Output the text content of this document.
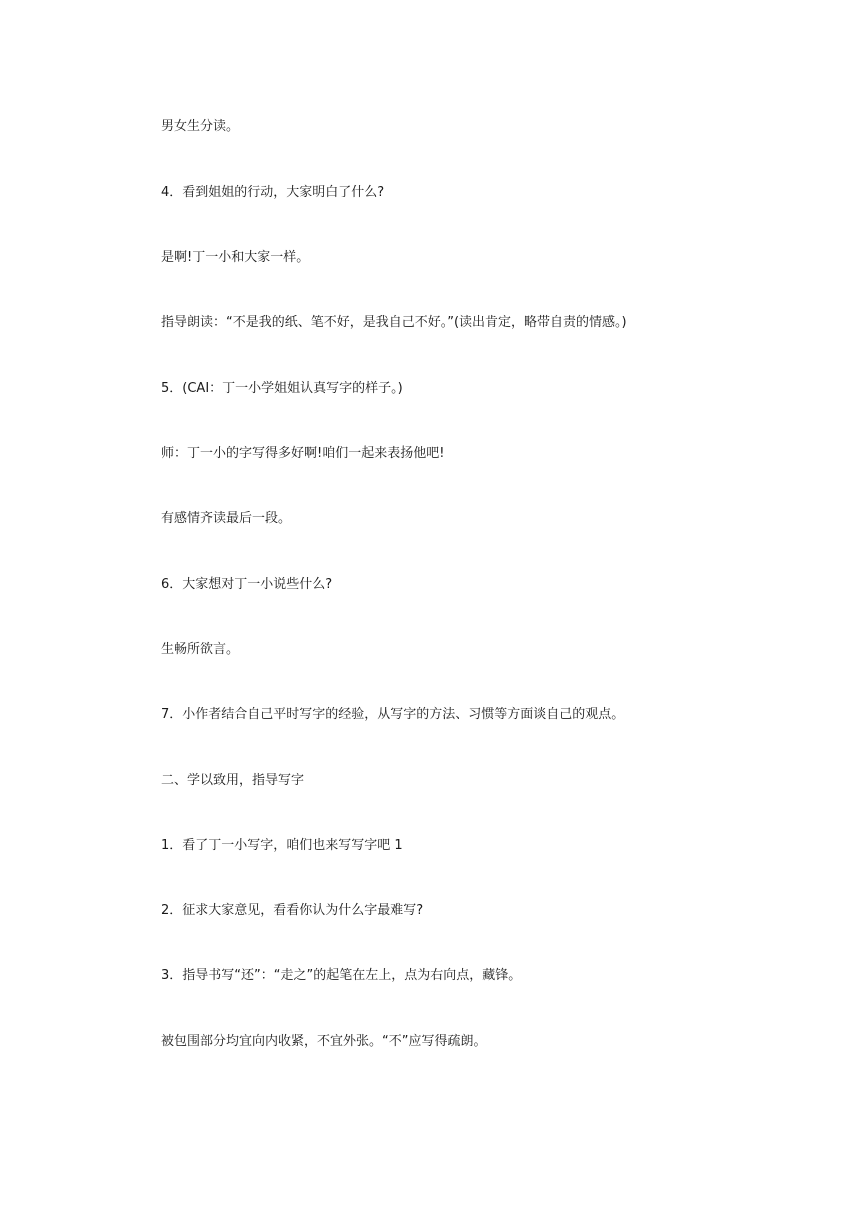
男女生分读。

4．看到姐姐的行动，大家明白了什么?

是啊!丁一小和大家一样。

指导朗读：“不是我的纸、笔不好，是我自己不好。”(读出肯定，略带自责的情感。)

5．(CAI：丁一小学姐姐认真写字的样子。)

师：丁一小的字写得多好啊!咱们一起来表扬他吧!

有感情齐读最后一段。

6．大家想对丁一小说些什么?

生畅所欲言。

7．小作者结合自己平时写字的经验，从写字的方法、习惯等方面谈自己的观点。

二、学以致用，指导写字

1．看了丁一小写字，咱们也来写写字吧 1

2．征求大家意见，看看你认为什么字最难写?

3．指导书写“还”：“走之”的起笔在左上，点为右向点，藏锋。

被包围部分均宜向内收紧，不宜外张。“不”应写得疏朗。
